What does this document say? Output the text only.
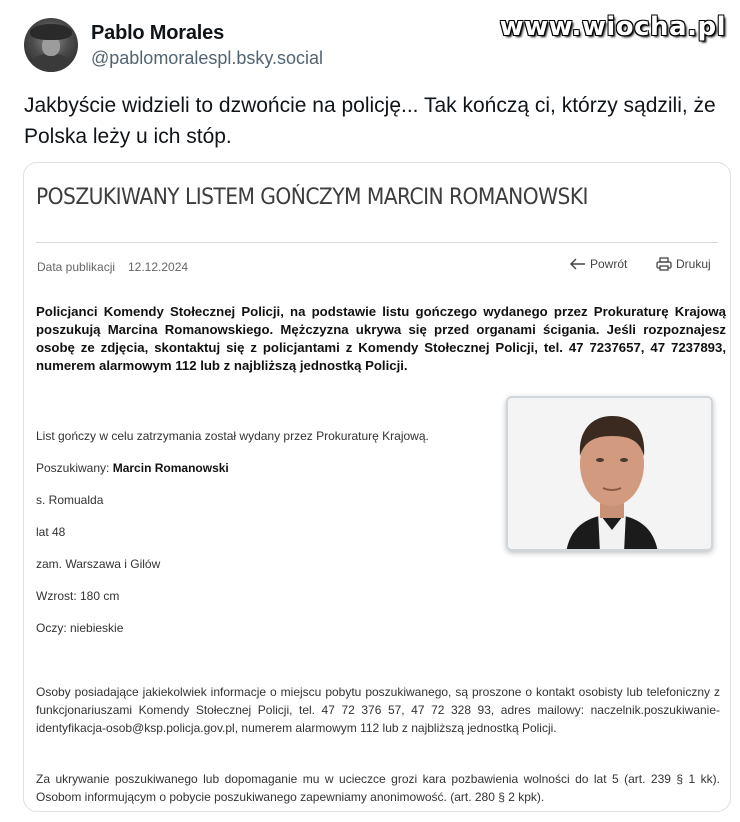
Pablo Morales
@pablomoralespl.bsky.social
www.wiocha.pl
Jakbyście widzieli to dzwońcie na policję... Tak kończą ci, którzy sądzili, że Polska leży u ich stóp.
POSZUKIWANY LISTEM GOŃCZYM MARCIN ROMANOWSKI
Data publikacji 12.12.2024	Powrót	Drukuj
Policjanci Komendy Stołecznej Policji, na podstawie listu gończego wydanego przez Prokuraturę Krajową poszukują Marcina Romanowskiego. Mężczyzna ukrywa się przed organami ścigania. Jeśli rozpoznajesz osobę ze zdjęcia, skontaktuj się z policjantami z Komendy Stołecznej Policji, tel. 47 7237657, 47 7237893, numerem alarmowym 112 lub z najbliższą jednostką Policji.
List gończy w celu zatrzymania został wydany przez Prokuraturę Krajową.
Poszukiwany: Marcin Romanowski
s. Romualda
lat 48
zam. Warszawa i Gilów
Wzrost: 180 cm
Oczy: niebieskie
Osoby posiadające jakiekolwiek informacje o miejscu pobytu poszukiwanego, są proszone o kontakt osobisty lub telefoniczny z funkcjonariuszami Komendy Stołecznej Policji, tel. 47 72 376 57, 47 72 328 93, adres mailowy: naczelnik.poszukiwanie-identyfikacja-osob@ksp.policja.gov.pl, numerem alarmowym 112 lub z najbliższą jednostką Policji.
Za ukrywanie poszukiwanego lub dopomaganie mu w ucieczce grozi kara pozbawienia wolności do lat 5 (art. 239 § 1 kk). Osobom informującym o pobycie poszukiwanego zapewniamy anonimowość. (art. 280 § 2 kpk).
